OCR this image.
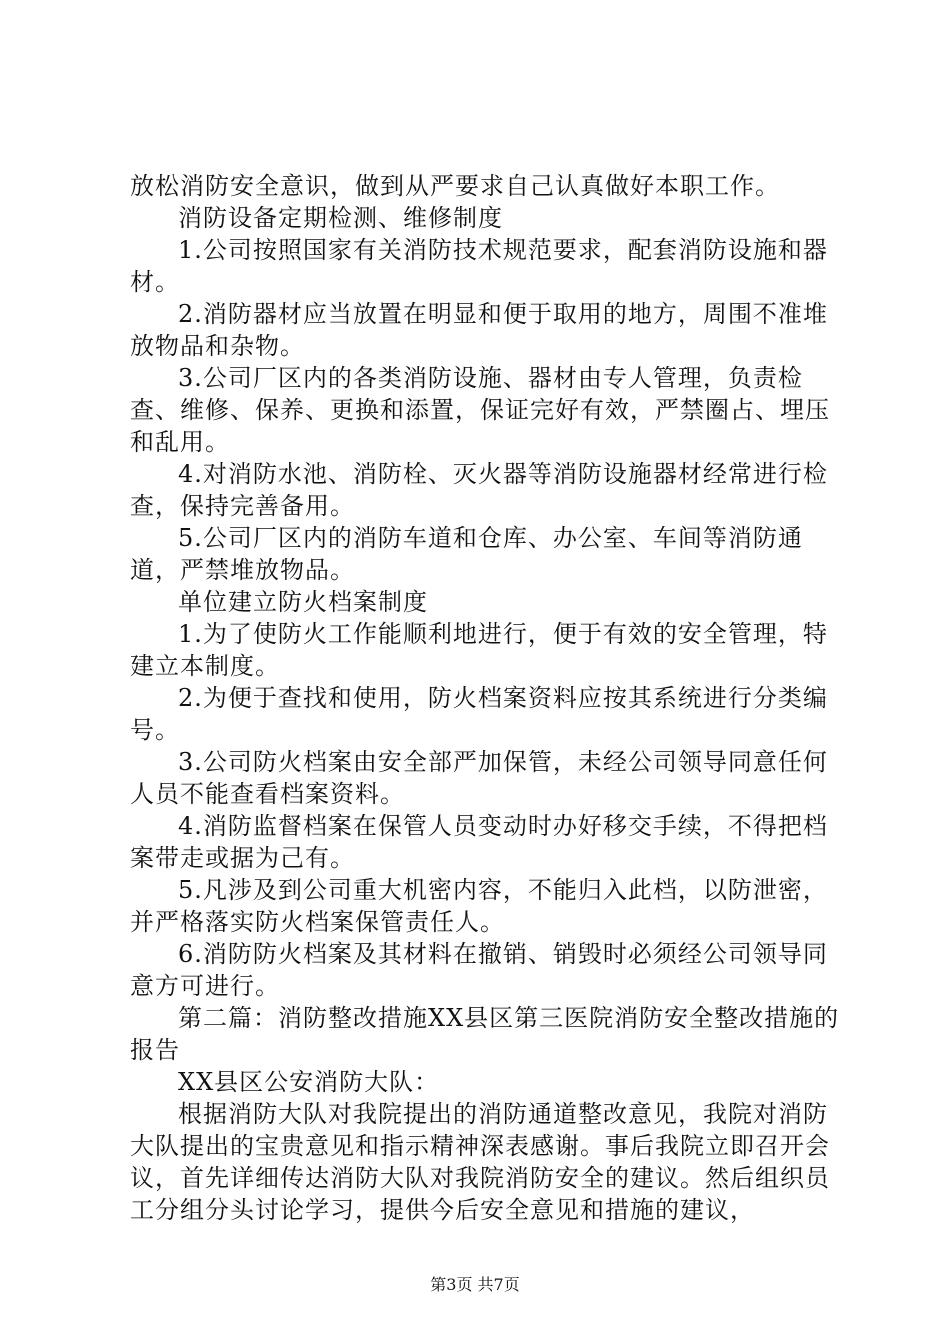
放松消防安全意识，做到从严要求自己认真做好本职工作。

消防设备定期检测、维修制度

1.公司按照国家有关消防技术规范要求，配套消防设施和器材。

2.消防器材应当放置在明显和便于取用的地方，周围不准堆放物品和杂物。

3.公司厂区内的各类消防设施、器材由专人管理，负责检查、维修、保养、更换和添置，保证完好有效，严禁圈占、埋压和乱用。

4.对消防水池、消防栓、灭火器等消防设施器材经常进行检查，保持完善备用。

5.公司厂区内的消防车道和仓库、办公室、车间等消防通道，严禁堆放物品。

单位建立防火档案制度

1.为了使防火工作能顺利地进行，便于有效的安全管理，特建立本制度。

2.为便于查找和使用，防火档案资料应按其系统进行分类编号。

3.公司防火档案由安全部严加保管，未经公司领导同意任何人员不能查看档案资料。

4.消防监督档案在保管人员变动时办好移交手续，不得把档案带走或据为己有。

5.凡涉及到公司重大机密内容，不能归入此档，以防泄密，并严格落实防火档案保管责任人。

6.消防防火档案及其材料在撤销、销毁时必须经公司领导同意方可进行。

第二篇：消防整改措施XX县区第三医院消防安全整改措施的报告

XX县区公安消防大队：

根据消防大队对我院提出的消防通道整改意见，我院对消防大队提出的宝贵意见和指示精神深表感谢。事后我院立即召开会议，首先详细传达消防大队对我院消防安全的建议。然后组织员工分组分头讨论学习，提供今后安全意见和措施的建议，

第3页 共7页
